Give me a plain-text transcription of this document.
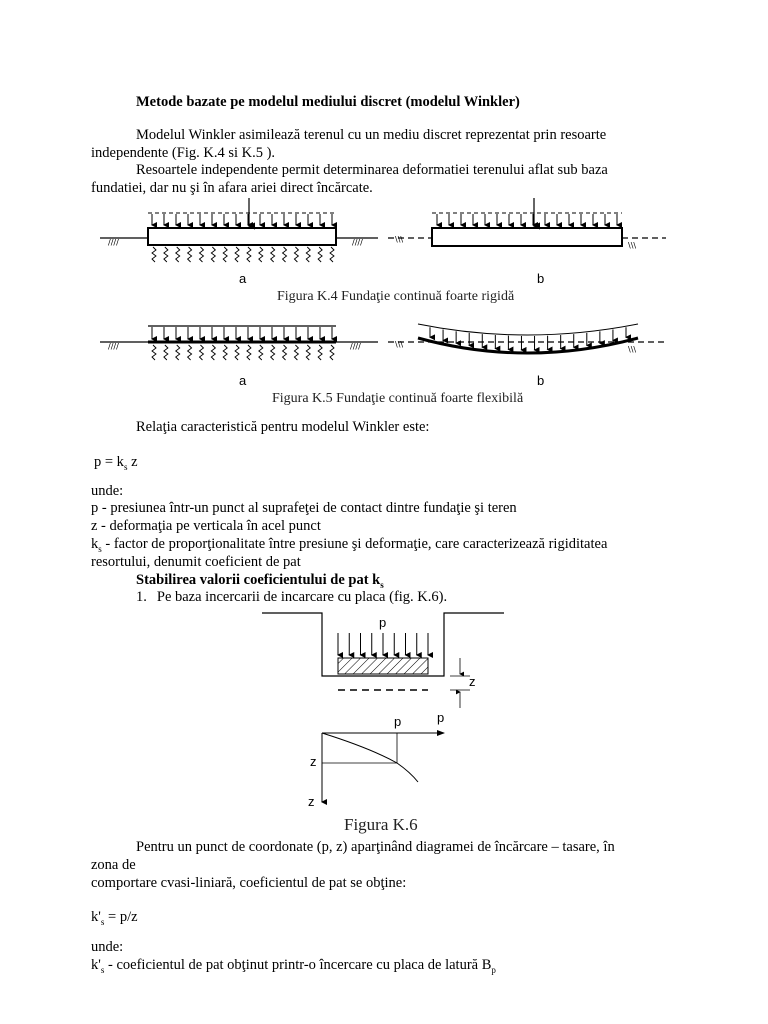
Metode bazate pe modelul mediului discret (modelul Winkler)
Modelul Winkler asimilează terenul cu un mediu discret reprezentat prin resoarte
independente (Fig. K.4 si K.5 ).
Resoartele independente permit determinarea deformatiei terenului aflat sub baza
fundatiei, dar nu şi în afara ariei direct încărcate.
a	b
Figura K.4 Fundaţie continuă foarte rigidă
a	b
Figura K.5 Fundaţie continuă foarte flexibilă
Relaţia caracteristică pentru modelul Winkler este:
$p = k_s$ z
unde:
p - presiunea într-un punct al suprafeţei de contact dintre fundaţie şi teren
z - deformaţia pe verticala în acel punct
$k_s$ - factor de proporţionalitate între presiune şi deformaţie, care caracterizează rigiditatea
resortului, denumit coeficient de pat
Stabilirea valorii coeficientului de pat $k_s$
1. Pe baza incercarii de incarcare cu placa (fig. K.6).
p
z
p	p
z
z
Figura K.6
Pentru un punct de coordonate (p, z) aparţinând diagramei de încărcare – tasare, în
zona de
comportare cvasi-liniară, coeficientul de pat se obţine:
$k'_s = p/z$
unde:
$k'_s$ - coeficientul de pat obţinut printr-o încercare cu placa de latură $B_p$
////	////	\\\
\\\
////	////	\\\
\\\
